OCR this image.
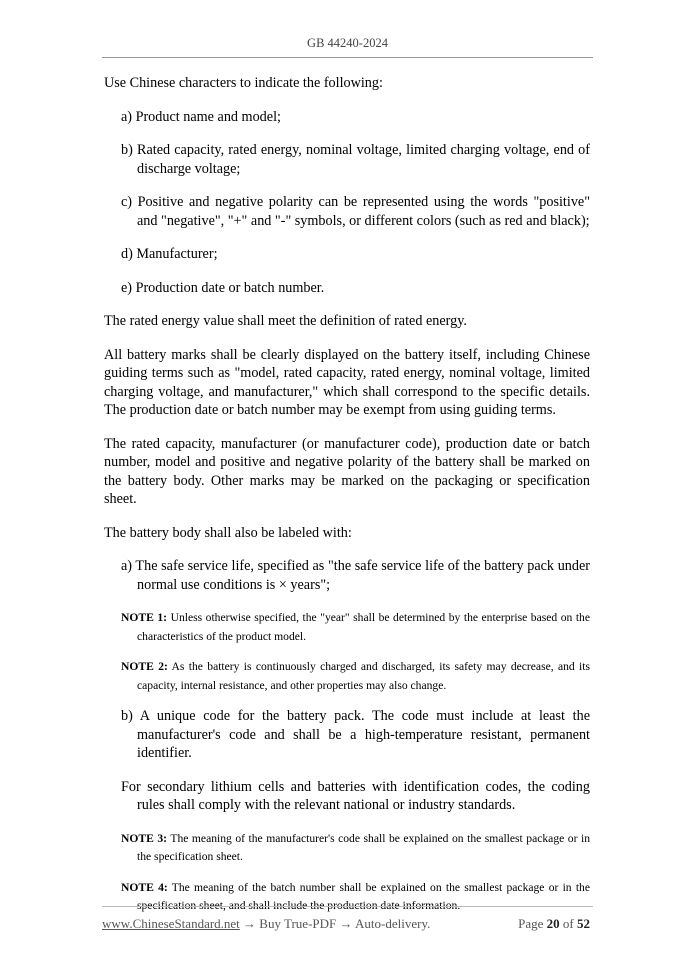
GB 44240-2024

Use Chinese characters to indicate the following:

a) Product name and model;

b) Rated capacity, rated energy, nominal voltage, limited charging voltage, end of discharge voltage;

c) Positive and negative polarity can be represented using the words "positive" and "negative", "+" and "-" symbols, or different colors (such as red and black);

d) Manufacturer;

e) Production date or batch number.

The rated energy value shall meet the definition of rated energy.

All battery marks shall be clearly displayed on the battery itself, including Chinese guiding terms such as "model, rated capacity, rated energy, nominal voltage, limited charging voltage, and manufacturer," which shall correspond to the specific details. The production date or batch number may be exempt from using guiding terms.

The rated capacity, manufacturer (or manufacturer code), production date or batch number, model and positive and negative polarity of the battery shall be marked on the battery body. Other marks may be marked on the packaging or specification sheet.

The battery body shall also be labeled with:

a) The safe service life, specified as "the safe service life of the battery pack under normal use conditions is × years";

NOTE 1: Unless otherwise specified, the "year" shall be determined by the enterprise based on the characteristics of the product model.

NOTE 2: As the battery is continuously charged and discharged, its safety may decrease, and its capacity, internal resistance, and other properties may also change.

b) A unique code for the battery pack. The code must include at least the manufacturer's code and shall be a high-temperature resistant, permanent identifier.

For secondary lithium cells and batteries with identification codes, the coding rules shall comply with the relevant national or industry standards.

NOTE 3: The meaning of the manufacturer's code shall be explained on the smallest package or in the specification sheet.

NOTE 4: The meaning of the batch number shall be explained on the smallest package or in the specification sheet, and shall include the production date information.

www.ChineseStandard.net → Buy True-PDF → Auto-delivery.	Page 20 of 52
